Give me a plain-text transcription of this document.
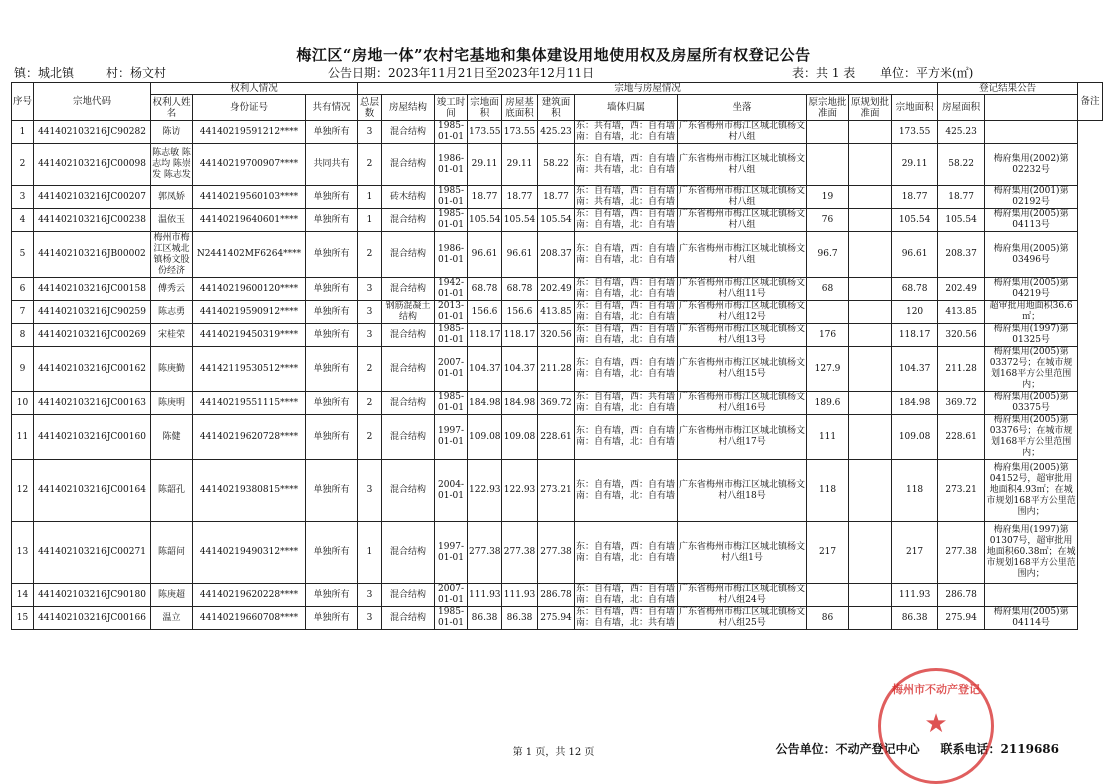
梅江区“房地一体”农村宅基地和集体建设用地使用权及房屋所有权登记公告
镇：城北镇	村：杨文村	公告日期：2023年11月21日至2023年12月11日	表：共 1 表 单位：平方米(㎡)
序号	宗地代码	权利人情况			宗地与房屋情况											登记结果公告		备注
		权利人姓名	身份证号	共有情况	总层数	房屋结构	竣工时间	宗地面积	房屋基底面积	建筑面积	墙体归属	坐落	原宗地批准面	原规划批准面	宗地面积	房屋面积		
1	441402103216JC90282	陈访	44140219591212****	单独所有	3	混合结构	1985-01-01	173.55	173.55	425.23	东：共有墙，西：自有墙 南：自有墙，北：自有墙	广东省梅州市梅江区城北镇杨文村八组			173.55	425.23		
2	441402103216JC00098	陈志敏 陈志均 陈崇发 陈志发	44140219700907****	共同共有	2	混合结构	1986-01-01	29.11	29.11	58.22	东：自有墙，西：自有墙 南：共有墙，北：自有墙	广东省梅州市梅江区城北镇杨文村八组			29.11	58.22	梅府集用(2002)第02232号	
3	441402103216JC00207	郭凤娇	44140219560103****	单独所有	1	砖木结构	1985-01-01	18.77	18.77	18.77	东：自有墙，西：自有墙 南：共有墙，北：自有墙	广东省梅州市梅江区城北镇杨文村八组	19		18.77	18.77	梅府集用(2001)第02192号	
4	441402103216JC00238	温依玉	44140219640601****	单独所有	1	混合结构	1985-01-01	105.54	105.54	105.54	东：自有墙，西：自有墙 南：自有墙，北：自有墙	广东省梅州市梅江区城北镇杨文村八组	76		105.54	105.54	梅府集用(2005)第04113号	
5	441402103216JB00002	梅州市梅江区城北镇杨文股份经济	N2441402MF6264****	单独所有	2	混合结构	1986-01-01	96.61	96.61	208.37	东：自有墙，西：自有墙 南：自有墙，北：自有墙	广东省梅州市梅江区城北镇杨文村八组	96.7		96.61	208.37	梅府集用(2005)第03496号	
6	441402103216JC00158	傅秀云	44140219600120****	单独所有	3	混合结构	1942-01-01	68.78	68.78	202.49	东：自有墙，西：自有墙 南：自有墙，北：自有墙	广东省梅州市梅江区城北镇杨文村八组11号	68		68.78	202.49	梅府集用(2005)第04219号	
7	441402103216JC90259	陈志勇	44140219590912****	单独所有	3	钢筋混凝土结构	2013-01-01	156.6	156.6	413.85	东：自有墙，西：自有墙 南：自有墙，北：自有墙	广东省梅州市梅江区城北镇杨文村八组12号			120	413.85	超审批用地面积36.6㎡；	
8	441402103216JC00269	宋桂荣	44140219450319****	单独所有	3	混合结构	1985-01-01	118.17	118.17	320.56	东：自有墙，西：自有墙 南：自有墙，北：自有墙	广东省梅州市梅江区城北镇杨文村八组13号	176		118.17	320.56	梅府集用(1997)第01325号	
9	441402103216JC00162	陈庚勤	44142119530512****	单独所有	2	混合结构	2007-01-01	104.37	104.37	211.28	东：自有墙，西：自有墙 南：自有墙，北：自有墙	广东省梅州市梅江区城北镇杨文村八组15号	127.9		104.37	211.28	梅府集用(2005)第03372号；在城市规划168平方公里范围内；	
10	441402103216JC00163	陈庚明	44140219551115****	单独所有	2	混合结构	1985-01-01	184.98	184.98	369.72	东：自有墙，西：共有墙 南：自有墙，北：自有墙	广东省梅州市梅江区城北镇杨文村八组16号	189.6		184.98	369.72	梅府集用(2005)第03375号	
11	441402103216JC00160	陈健	44140219620728****	单独所有	2	混合结构	1997-01-01	109.08	109.08	228.61	东：自有墙，西：自有墙 南：自有墙，北：自有墙	广东省梅州市梅江区城北镇杨文村八组17号	111		109.08	228.61	梅府集用(2005)第03376号；在城市规划168平方公里范围内；	
12	441402103216JC00164	陈韶孔	44140219380815****	单独所有	3	混合结构	2004-01-01	122.93	122.93	273.21	东：自有墙，西：自有墙 南：自有墙，北：自有墙	广东省梅州市梅江区城北镇杨文村八组18号	118		118	273.21	梅府集用(2005)第04152号，超审批用地面积4.93㎡；在城市规划168平方公里范围内；	
13	441402103216JC00271	陈韶问	44140219490312****	单独所有	1	混合结构	1997-01-01	277.38	277.38	277.38	东：自有墙，西：自有墙 南：自有墙，北：自有墙	广东省梅州市梅江区城北镇杨文村八组1号	217		217	277.38	梅府集用(1997)第01307号，超审批用地面积60.38㎡；在城市规划168平方公里范围内；	
14	441402103216JC90180	陈庚超	44140219620228****	单独所有	3	混合结构	2007-01-01	111.93	111.93	286.78	东：自有墙，西：自有墙 南：自有墙，北：自有墙	广东省梅州市梅江区城北镇杨文村八组24号			111.93	286.78		
15	441402103216JC00166	温立	44140219660708****	单独所有	3	混合结构	1985-01-01	86.38	86.38	275.94	东：自有墙，西：自有墙 南：自有墙，北：共有墙	广东省梅州市梅江区城北镇杨文村八组25号	86		86.38	275.94	梅府集用(2005)第04114号	
第 1 页，共 12 页	公告单位：不动产登记中心 联系电话：2119686
梅州市不动产登记
★
